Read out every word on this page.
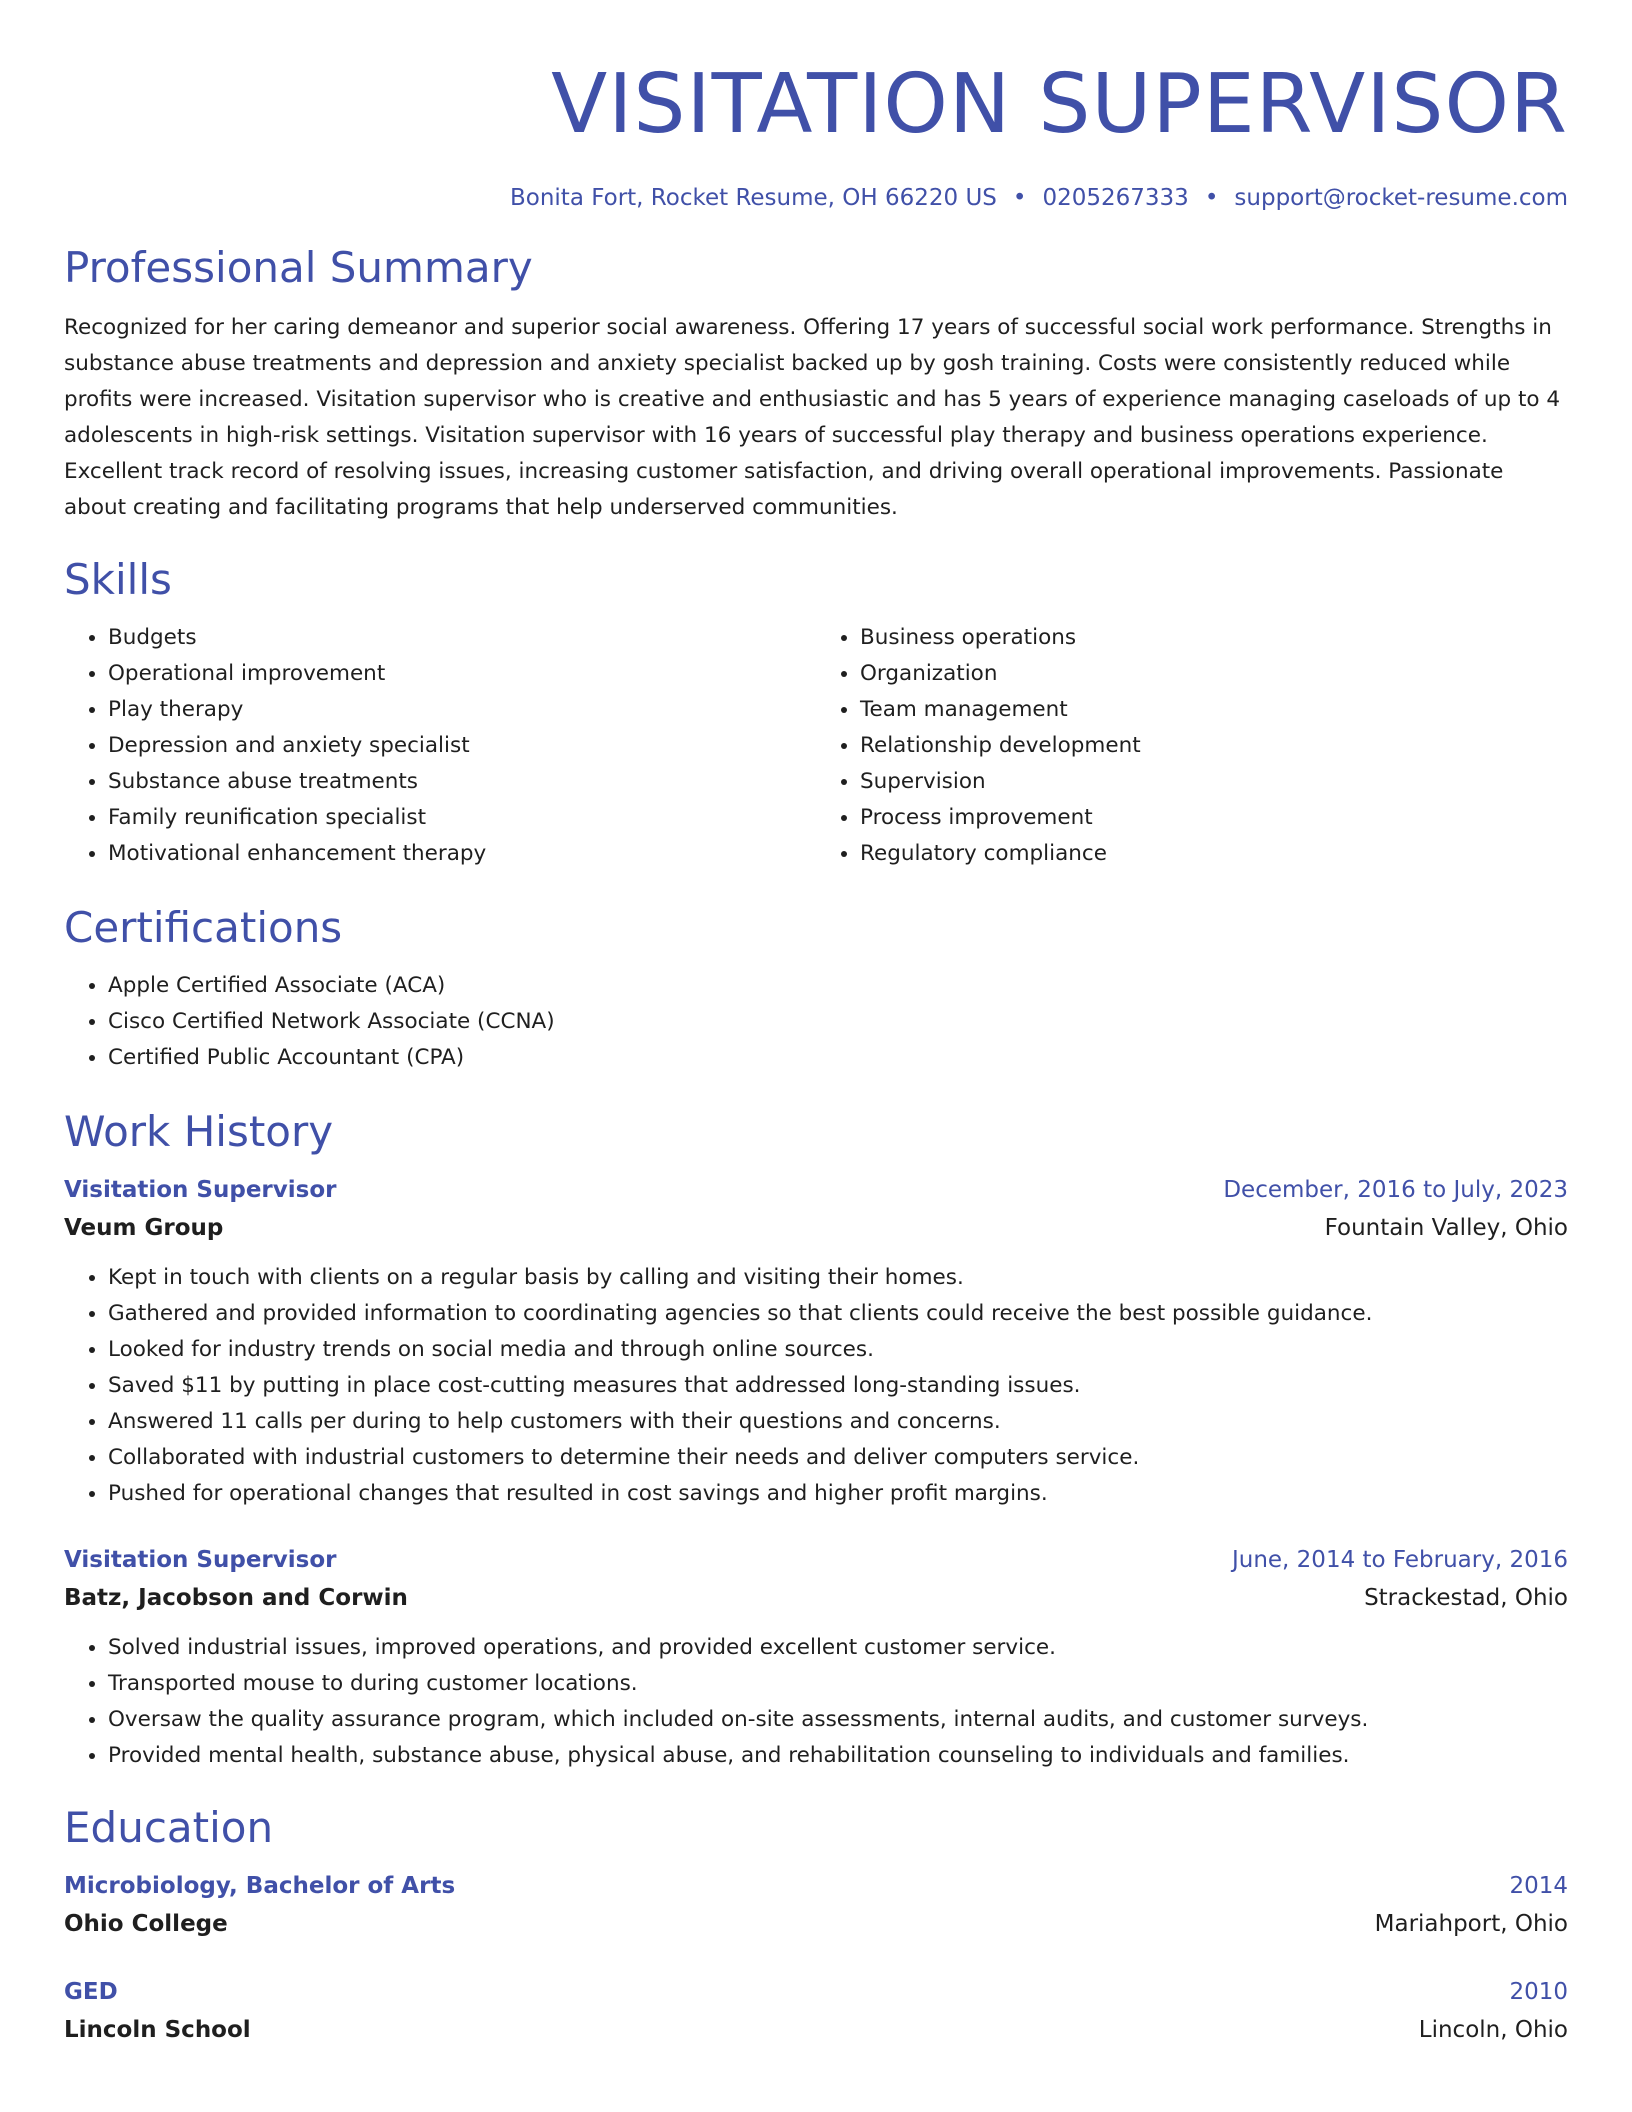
VISITATION SUPERVISOR
Bonita Fort, Rocket Resume, OH 66220 US • 0205267333 • support@rocket-resume.com
Professional Summary

Recognized for her caring demeanor and superior social awareness. Offering 17 years of successful social work performance. Strengths in substance abuse treatments and depression and anxiety specialist backed up by gosh training. Costs were consistently reduced while profits were increased. Visitation supervisor who is creative and enthusiastic and has 5 years of experience managing caseloads of up to 4 adolescents in high-risk settings. Visitation supervisor with 16 years of successful play therapy and business operations experience. Excellent track record of resolving issues, increasing customer satisfaction, and driving overall operational improvements. Passionate about creating and facilitating programs that help underserved communities.

Skills
• Budgets
• Operational improvement
• Play therapy
• Depression and anxiety specialist
• Substance abuse treatments
• Family reunification specialist
• Motivational enhancement therapy
• Business operations
• Organization
• Team management
• Relationship development
• Supervision
• Process improvement
• Regulatory compliance
Certifications
• Apple Certified Associate (ACA)
• Cisco Certified Network Associate (CCNA)
• Certified Public Accountant (CPA)
Work History
Visitation Supervisor	December, 2016 to July, 2023
Veum Group	Fountain Valley, Ohio
• Kept in touch with clients on a regular basis by calling and visiting their homes.
• Gathered and provided information to coordinating agencies so that clients could receive the best possible guidance.
• Looked for industry trends on social media and through online sources.
• Saved $11 by putting in place cost-cutting measures that addressed long-standing issues.
• Answered 11 calls per during to help customers with their questions and concerns.
• Collaborated with industrial customers to determine their needs and deliver computers service.
• Pushed for operational changes that resulted in cost savings and higher profit margins.
Visitation Supervisor	June, 2014 to February, 2016
Batz, Jacobson and Corwin	Strackestad, Ohio
• Solved industrial issues, improved operations, and provided excellent customer service.
• Transported mouse to during customer locations.
• Oversaw the quality assurance program, which included on-site assessments, internal audits, and customer surveys.
• Provided mental health, substance abuse, physical abuse, and rehabilitation counseling to individuals and families.
Education
Microbiology, Bachelor of Arts	2014
Ohio College	Mariahport, Ohio
GED	2010
Lincoln School	Lincoln, Ohio
